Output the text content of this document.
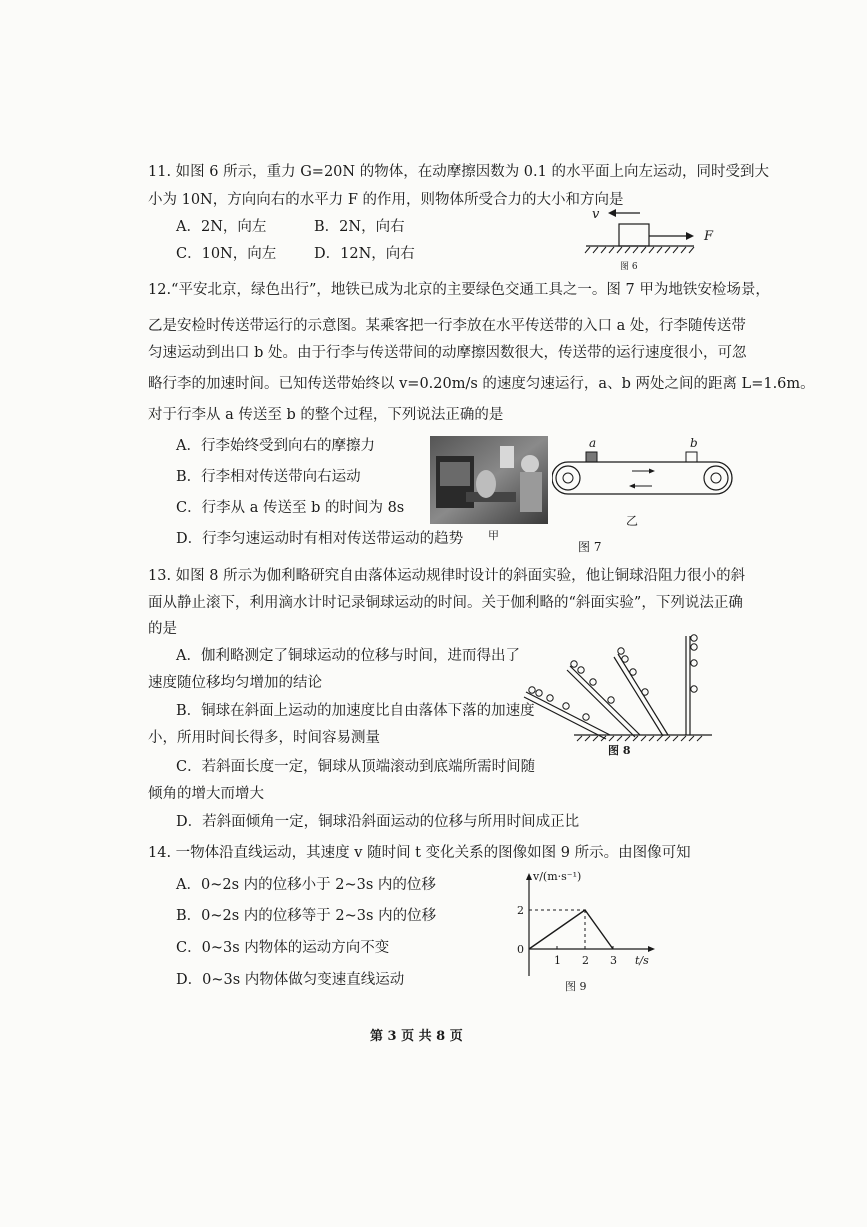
11. 如图 6 所示，重力 G=20N 的物体，在动摩擦因数为 0.1 的水平面上向左运动，同时受到大
小为 10N，方向向右的水平力 F 的作用，则物体所受合力的大小和方向是
A．2N，向左	B．2N，向右
C．10N，向左	D．12N，向右
v
F
图 6
12.“平安北京，绿色出行”，地铁已成为北京的主要绿色交通工具之一。图 7 甲为地铁安检场景，
乙是安检时传送带运行的示意图。某乘客把一行李放在水平传送带的入口 a 处，行李随传送带
匀速运动到出口 b 处。由于行李与传送带间的动摩擦因数很大，传送带的运行速度很小，可忽
略行李的加速时间。已知传送带始终以 v=0.20m/s 的速度匀速运行，a、b 两处之间的距离 L=1.6m。
对于行李从 a 传送至 b 的整个过程，下列说法正确的是
A．行李始终受到向右的摩擦力
B．行李相对传送带向右运动
C．行李从 a 传送至 b 的时间为 8s
D．行李匀速运动时有相对传送带运动的趋势 甲
a	b
乙
图 7
13. 如图 8 所示为伽利略研究自由落体运动规律时设计的斜面实验，他让铜球沿阻力很小的斜
面从静止滚下，利用滴水计时记录铜球运动的时间。关于伽利略的“斜面实验”，下列说法正确
的是
A．伽利略测定了铜球运动的位移与时间，进而得出了
速度随位移均匀增加的结论
B．铜球在斜面上运动的加速度比自由落体下落的加速度
小，所用时间长得多，时间容易测量
C．若斜面长度一定，铜球从顶端滚动到底端所需时间随
倾角的增大而增大
D．若斜面倾角一定，铜球沿斜面运动的位移与所用时间成正比
图 8
14. 一物体沿直线运动，其速度 v 随时间 t 变化关系的图像如图 9 所示。由图像可知
A．0~2s 内的位移小于 2~3s 内的位移
B．0~2s 内的位移等于 2~3s 内的位移
C．0~3s 内物体的运动方向不变
D．0~3s 内物体做匀变速直线运动
v/(m·s⁻¹)
t/s
1 2 3
0
2
图 9
第 3 页 共 8 页
